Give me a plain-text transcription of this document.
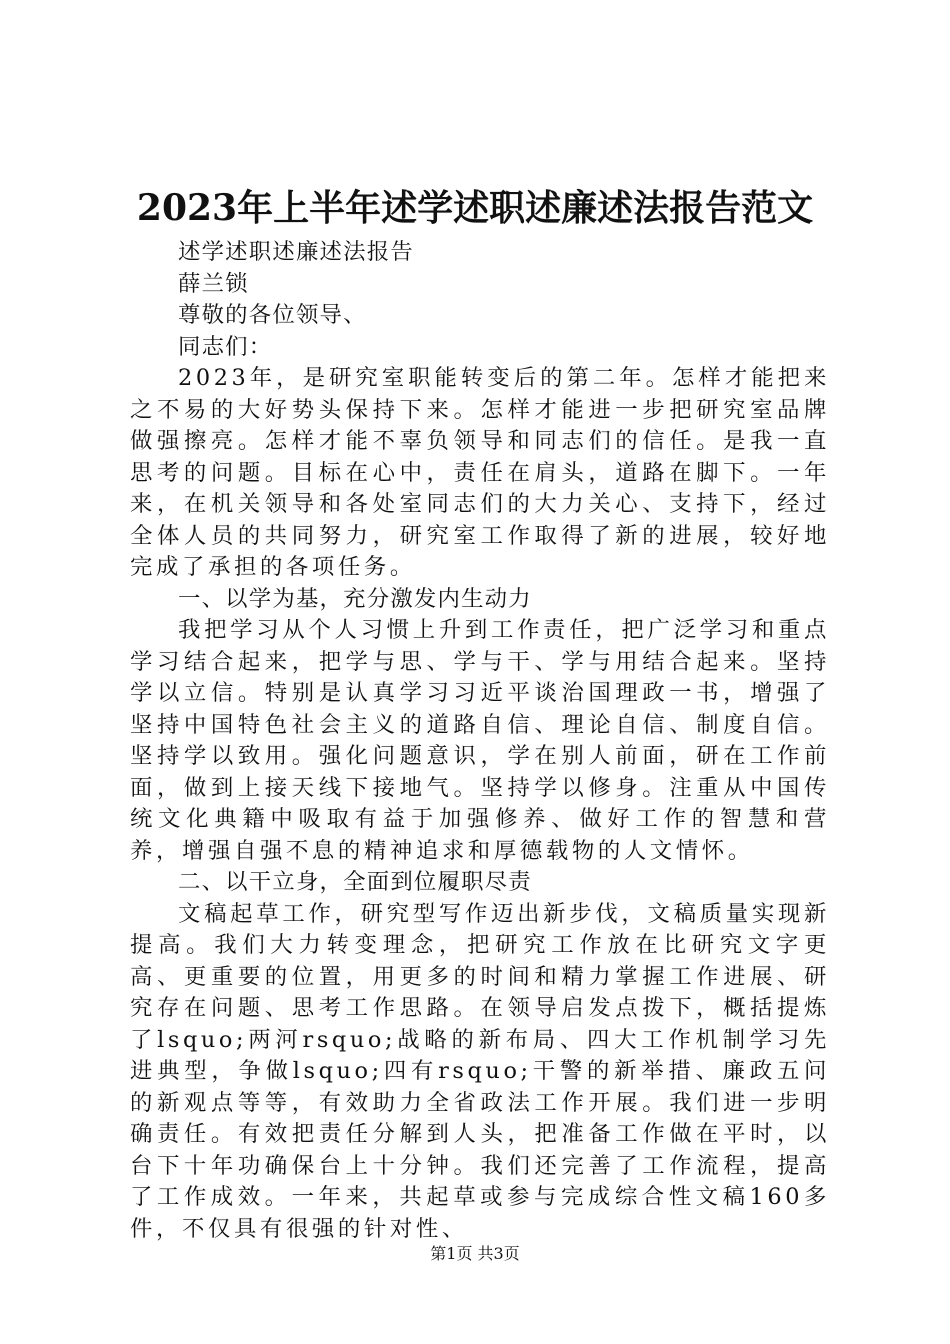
2023年上半年述学述职述廉述法报告范文

述学述职述廉述法报告

薛兰锁

尊敬的各位领导、

同志们：

2023年，是研究室职能转变后的第二年。怎样才能把来之不易的大好势头保持下来。怎样才能进一步把研究室品牌做强擦亮。怎样才能不辜负领导和同志们的信任。是我一直思考的问题。目标在心中，责任在肩头，道路在脚下。一年来，在机关领导和各处室同志们的大力关心、支持下，经过全体人员的共同努力，研究室工作取得了新的进展，较好地完成了承担的各项任务。

一、以学为基，充分激发内生动力

我把学习从个人习惯上升到工作责任，把广泛学习和重点学习结合起来，把学与思、学与干、学与用结合起来。坚持学以立信。特别是认真学习习近平谈治国理政一书，增强了坚持中国特色社会主义的道路自信、理论自信、制度自信。坚持学以致用。强化问题意识，学在别人前面，研在工作前面，做到上接天线下接地气。坚持学以修身。注重从中国传统文化典籍中吸取有益于加强修养、做好工作的智慧和营养，增强自强不息的精神追求和厚德载物的人文情怀。

二、以干立身，全面到位履职尽责

文稿起草工作，研究型写作迈出新步伐，文稿质量实现新提高。我们大力转变理念，把研究工作放在比研究文字更高、更重要的位置，用更多的时间和精力掌握工作进展、研究存在问题、思考工作思路。在领导启发点拨下，概括提炼了lsquo;两河rsquo;战略的新布局、四大工作机制学习先进典型，争做lsquo;四有rsquo;干警的新举措、廉政五问的新观点等等，有效助力全省政法工作开展。我们进一步明确责任。有效把责任分解到人头，把准备工作做在平时，以台下十年功确保台上十分钟。我们还完善了工作流程，提高了工作成效。一年来，共起草或参与完成综合性文稿160多件，不仅具有很强的针对性、

第1页 共3页
